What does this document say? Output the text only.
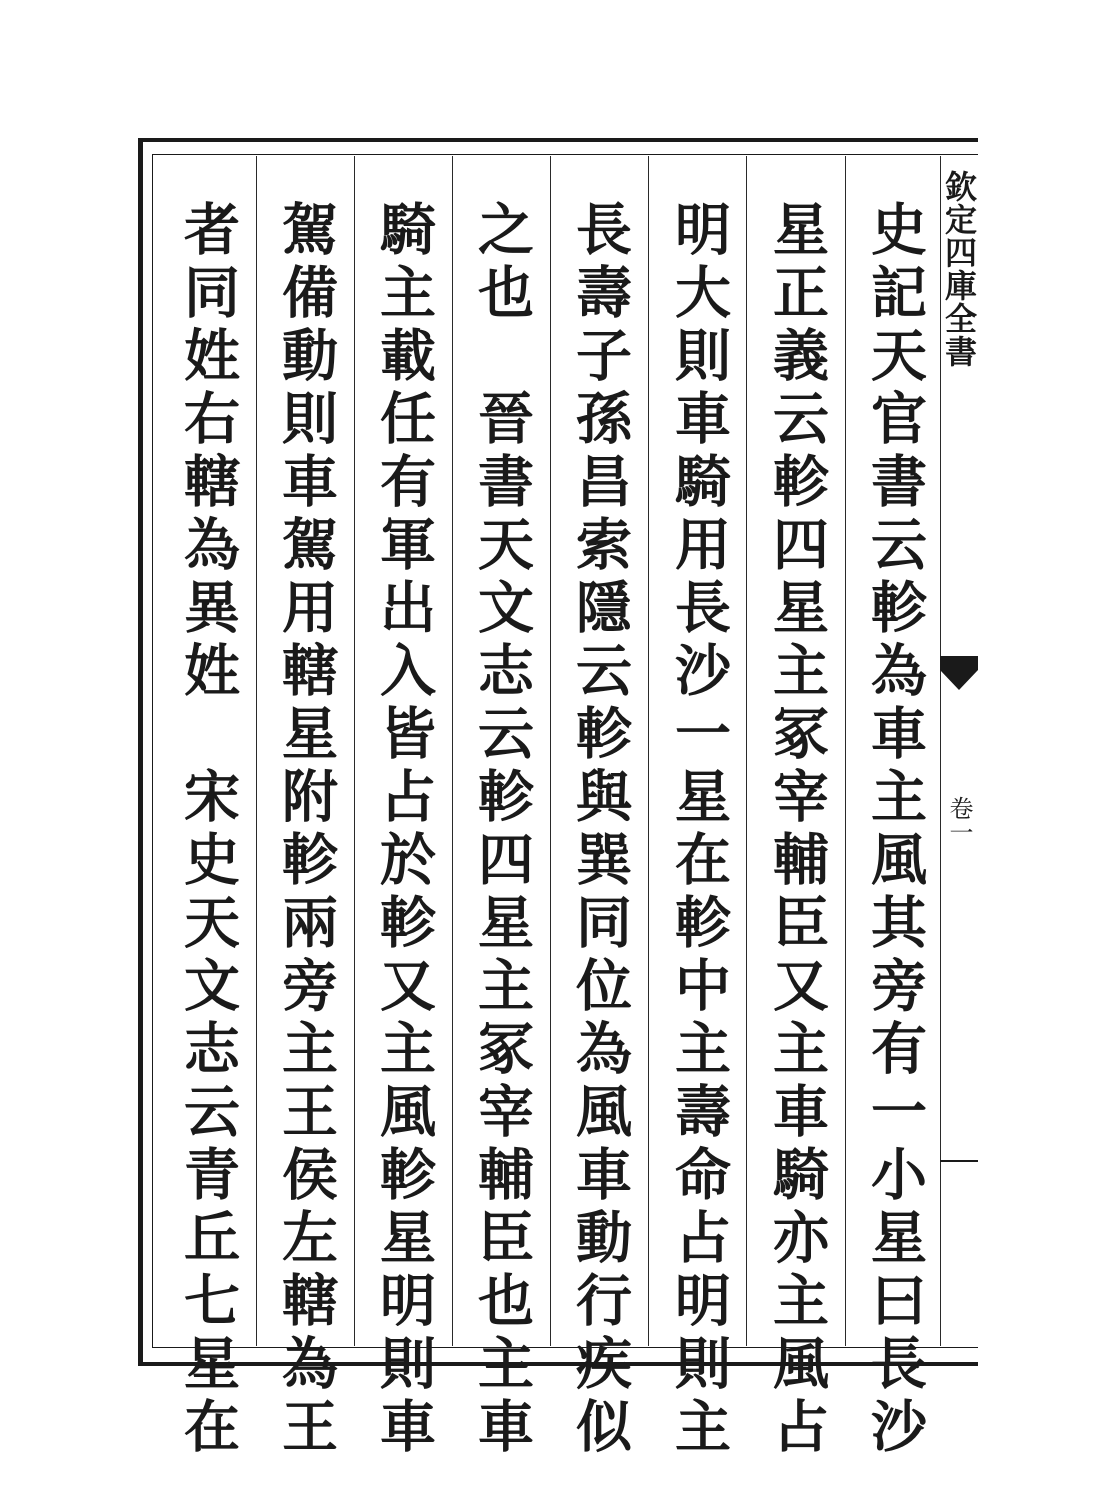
史記天官書云軫為車主風其旁有一小星曰長沙
星正義云軫四星主冢宰輔臣又主車騎亦主風占
明大則車騎用長沙一星在軫中主壽命占明則主
長壽子孫昌索隱云軫與巽同位為風車動行疾似
之也　晉書天文志云軫四星主冢宰輔臣也主車
騎主載任有軍出入皆占於軫又主風軫星明則車
駕備動則車駕用轄星附軫兩旁主王侯左轄為王
者同姓右轄為異姓　宋史天文志云青丘七星在	欽定四庫全書
卷一
